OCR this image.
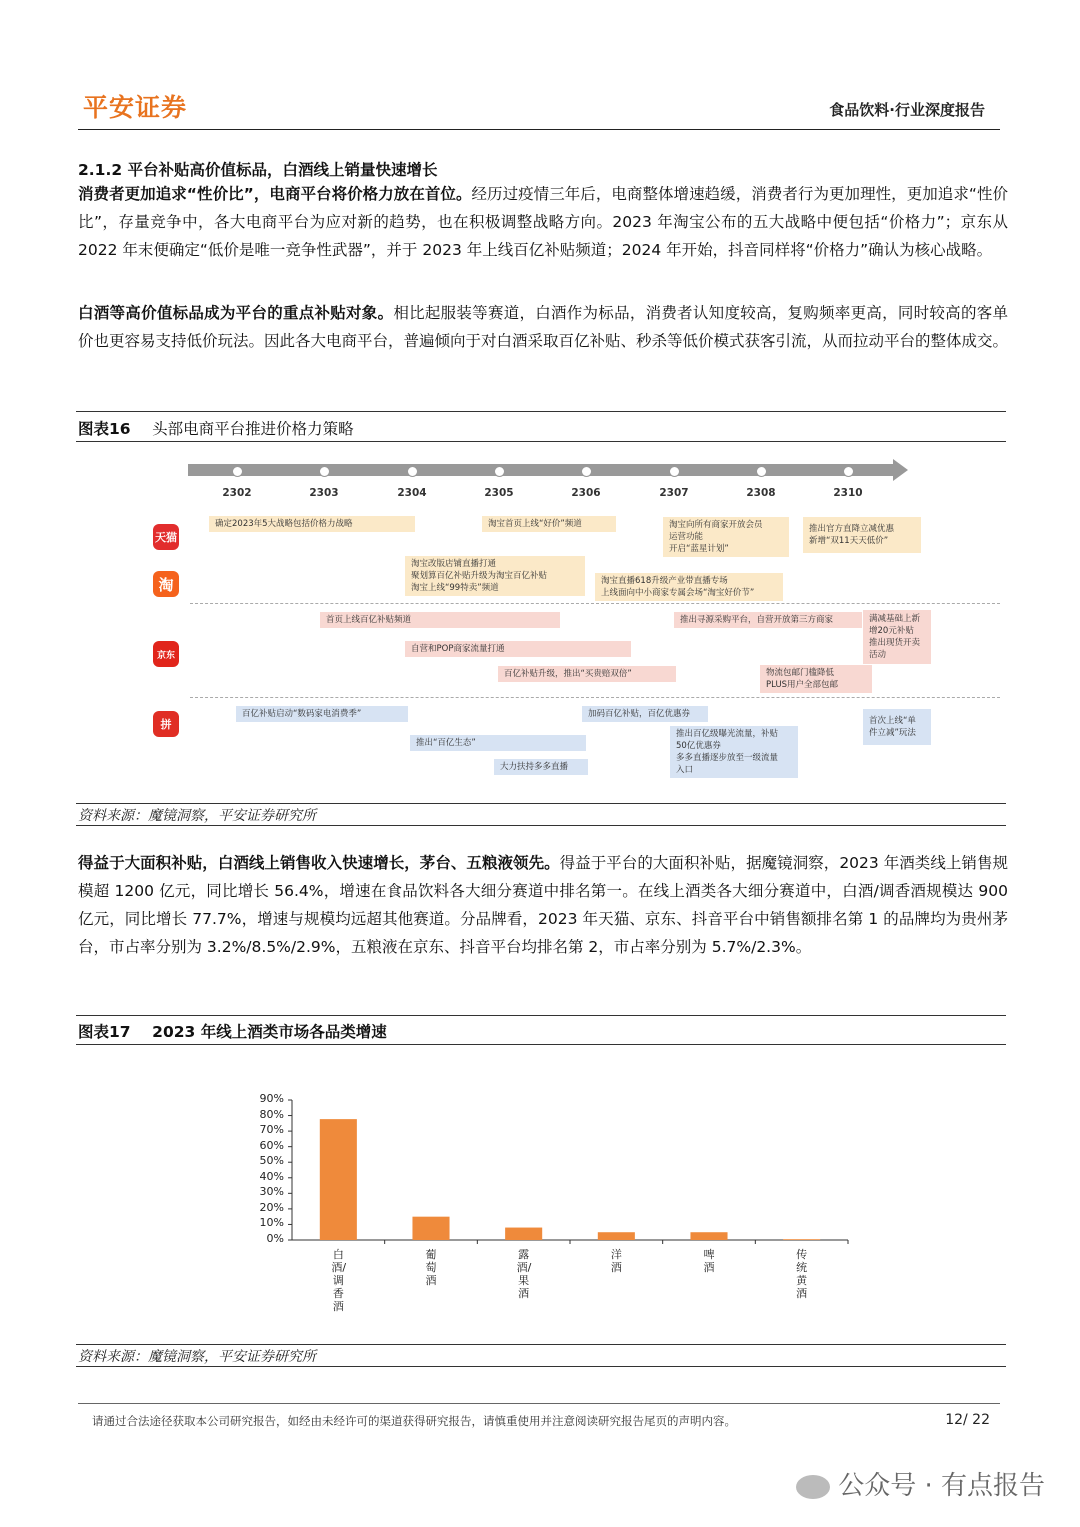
平安证券	食品饮料·行业深度报告
2.1.2 平台补贴高价值标品，白酒线上销量快速增长
消费者更加追求“性价比”，电商平台将价格力放在首位。经历过疫情三年后，电商整体增速趋缓，消费者行为更加理性，更加追求“性价比”，存量竞争中，各大电商平台为应对新的趋势，也在积极调整战略方向。2023 年淘宝公布的五大战略中便包括“价格力”；京东从 2022 年末便确定“低价是唯一竞争性武器”，并于 2023 年上线百亿补贴频道；2024 年开始，抖音同样将“价格力”确认为核心战略。
白酒等高价值标品成为平台的重点补贴对象。相比起服装等赛道，白酒作为标品，消费者认知度较高，复购频率更高，同时较高的客单价也更容易支持低价玩法。因此各大电商平台，普遍倾向于对白酒采取百亿补贴、秒杀等低价模式获客引流，从而拉动平台的整体成交。
图表16 头部电商平台推进价格力策略
2302	2303	2304	2305	2306	2307	2308	2310
天猫
淘
京东
拼
确定2023年5大战略包括价格力战略	淘宝首页上线“好价”频道	淘宝向所有商家开放会员
运营功能
开启“蓝星计划”
推出官方直降立减优惠
新增“双11天天低价”
淘宝改版店铺直播打通
聚划算百亿补贴升级为淘宝百亿补贴
淘宝上线“99特卖”频道
淘宝直播618升级产业带直播专场
上线面向中小商家专属会场“淘宝好价节”
首页上线百亿补贴频道	推出寻源采购平台，自营开放第三方商家	满减基础上新
增20元补贴
推出现货开卖
活动
自营和POP商家流量打通
百亿补贴升级，推出“买贵赔双倍”	物流包邮门槛降低
PLUS用户全部包邮
百亿补贴启动“数码家电消费季”	加码百亿补贴，百亿优惠券
首次上线“单
件立减”玩法
推出“百亿生态”
推出百亿级曝光流量，补贴
50亿优惠券
多多直播逐步放至一级流量
入口
大力扶持多多直播
资料来源：魔镜洞察，平安证券研究所
得益于大面积补贴，白酒线上销售收入快速增长，茅台、五粮液领先。得益于平台的大面积补贴，据魔镜洞察，2023 年酒类线上销售规模超 1200 亿元，同比增长 56.4%，增速在食品饮料各大细分赛道中排名第一。在线上酒类各大细分赛道中，白酒/调香酒规模达 900 亿元，同比增长 77.7%，增速与规模均远超其他赛道。分品牌看，2023 年天猫、京东、抖音平台中销售额排名第 1 的品牌均为贵州茅台，市占率分别为 3.2%/8.5%/2.9%，五粮液在京东、抖音平台均排名第 2，市占率分别为 5.7%/2.3%。
图表17 2023 年线上酒类市场各品类增速
0%
10%
20%
30%
40%
50%
60%
70%
80%
90%
白酒/调香酒
葡萄酒
露酒/果酒
洋酒
啤酒
传统黄酒
资料来源：魔镜洞察，平安证券研究所
请通过合法途径获取本公司研究报告，如经由未经许可的渠道获得研究报告，请慎重使用并注意阅读研究报告尾页的声明内容。	12/ 22
公众号 · 有点报告
